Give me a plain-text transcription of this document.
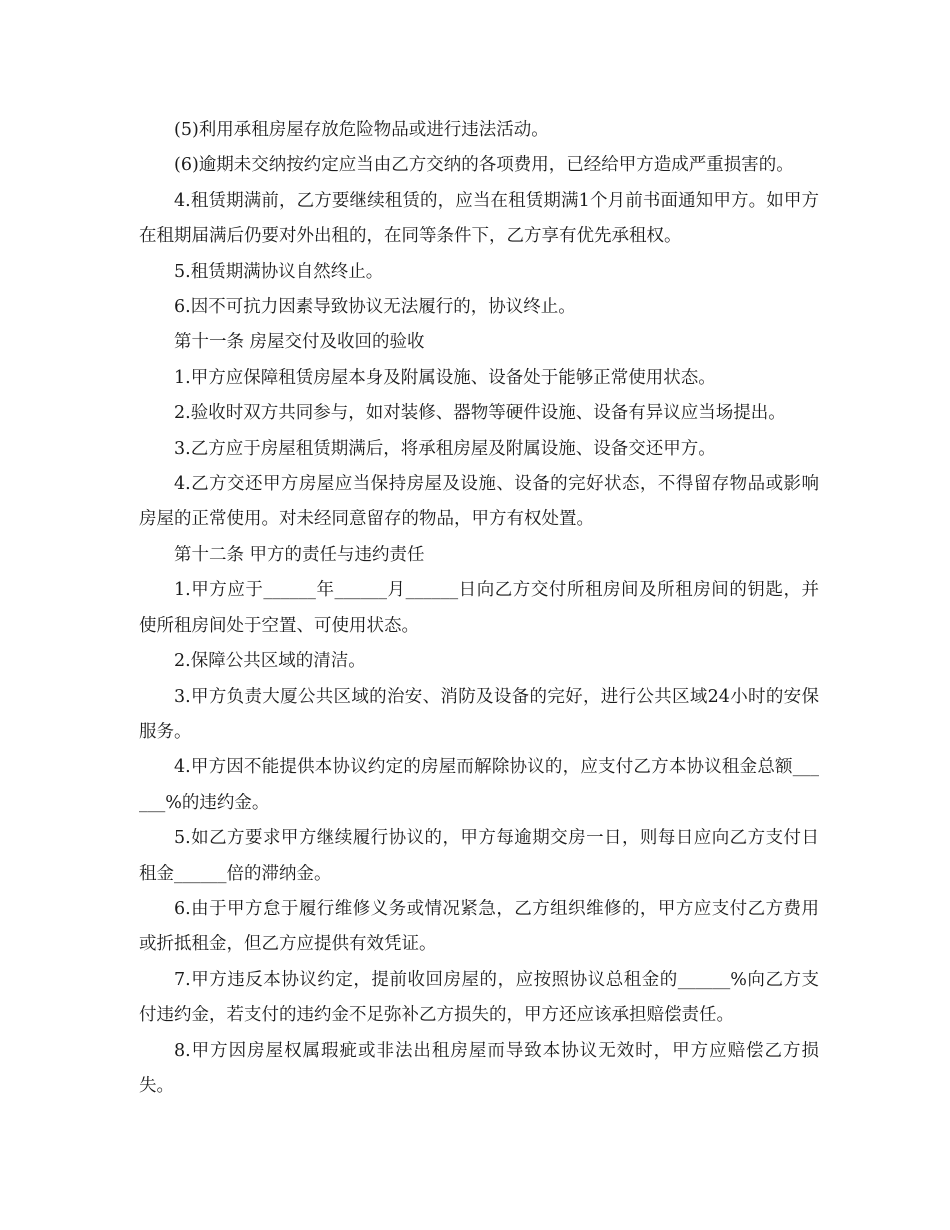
(5)利用承租房屋存放危险物品或进行违法活动。

(6)逾期未交纳按约定应当由乙方交纳的各项费用，已经给甲方造成严重损害的。

4.租赁期满前，乙方要继续租赁的，应当在租赁期满1个月前书面通知甲方。如甲方在租期届满后仍要对外出租的，在同等条件下，乙方享有优先承租权。

5.租赁期满协议自然终止。

6.因不可抗力因素导致协议无法履行的，协议终止。

第十一条 房屋交付及收回的验收

1.甲方应保障租赁房屋本身及附属设施、设备处于能够正常使用状态。

2.验收时双方共同参与，如对装修、器物等硬件设施、设备有异议应当场提出。

3.乙方应于房屋租赁期满后，将承租房屋及附属设施、设备交还甲方。

4.乙方交还甲方房屋应当保持房屋及设施、设备的完好状态，不得留存物品或影响房屋的正常使用。对未经同意留存的物品，甲方有权处置。

第十二条 甲方的责任与违约责任

1.甲方应于______年______月______日向乙方交付所租房间及所租房间的钥匙，并使所租房间处于空置、可使用状态。

2.保障公共区域的清洁。

3.甲方负责大厦公共区域的治安、消防及设备的完好，进行公共区域24小时的安保服务。

4.甲方因不能提供本协议约定的房屋而解除协议的，应支付乙方本协议租金总额______%的违约金。

5.如乙方要求甲方继续履行协议的，甲方每逾期交房一日，则每日应向乙方支付日租金______倍的滞纳金。

6.由于甲方怠于履行维修义务或情况紧急，乙方组织维修的，甲方应支付乙方费用或折抵租金，但乙方应提供有效凭证。

7.甲方违反本协议约定，提前收回房屋的，应按照协议总租金的______%向乙方支付违约金，若支付的违约金不足弥补乙方损失的，甲方还应该承担赔偿责任。

8.甲方因房屋权属瑕疵或非法出租房屋而导致本协议无效时，甲方应赔偿乙方损失。
